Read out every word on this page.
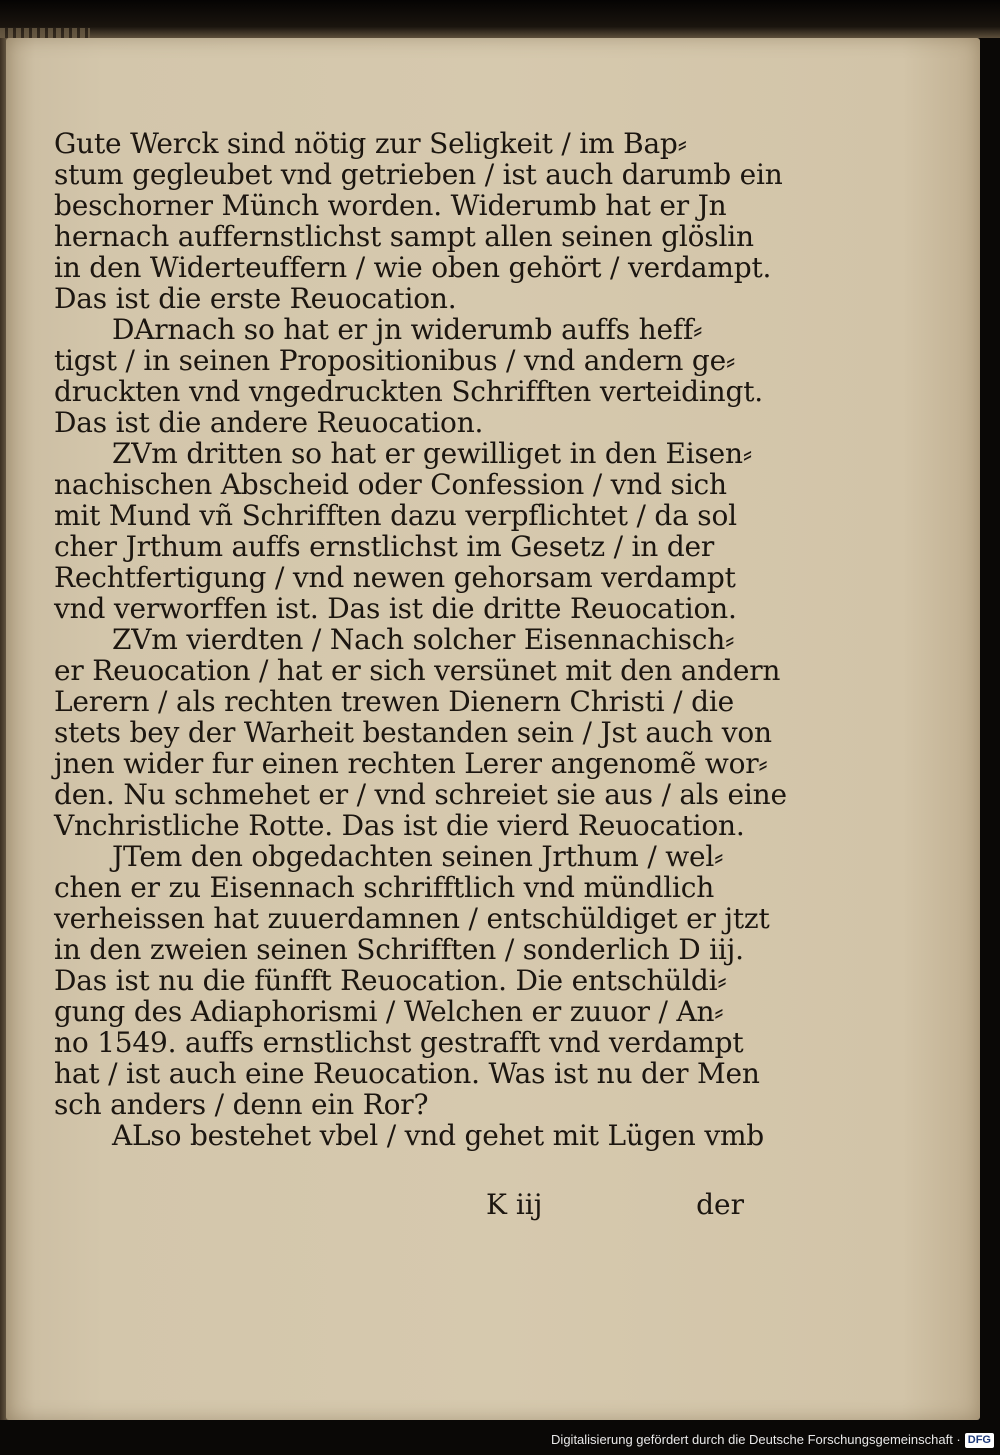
Gute Werck sind nötig zur Seligkeit / im Bap⸗
stum gegleubet vnd getrieben / ist auch darumb ein
beschorner Münch worden. Widerumb hat er Jn
hernach auffernstlichst sampt allen seinen glöslin
in den Widerteuffern / wie oben gehört / verdampt.
Das ist die erste Reuocation.
DArnach so hat er jn widerumb auffs heff⸗
tigst / in seinen Propositionibus / vnd andern ge⸗
druckten vnd vngedruckten Schrifften verteidingt.
Das ist die andere Reuocation.
ZVm dritten so hat er gewilliget in den Eisen⸗
nachischen Abscheid oder Confession / vnd sich
mit Mund vñ Schrifften dazu verpflichtet / da sol
cher Jrthum auffs ernstlichst im Gesetz / in der
Rechtfertigung / vnd newen gehorsam verdampt
vnd verworffen ist. Das ist die dritte Reuocation.
ZVm vierdten / Nach solcher Eisennachisch⸗
er Reuocation / hat er sich versünet mit den andern
Lerern / als rechten trewen Dienern Christi / die
stets bey der Warheit bestanden sein / Jst auch von
jnen wider fur einen rechten Lerer angenomẽ wor⸗
den. Nu schmehet er / vnd schreiet sie aus / als eine
Vnchristliche Rotte. Das ist die vierd Reuocation.
JTem den obgedachten seinen Jrthum / wel⸗
chen er zu Eisennach schrifftlich vnd mündlich
verheissen hat zuuerdamnen / entschüldiget er jtzt
in den zweien seinen Schrifften / sonderlich D iij.
Das ist nu die fünfft Reuocation. Die entschüldi⸗
gung des Adiaphorismi / Welchen er zuuor / An⸗
no 1549. auffs ernstlichst gestrafft vnd verdampt
hat / ist auch eine Reuocation. Was ist nu der Men
sch anders / denn ein Ror?
ALso bestehet vbel / vnd gehet mit Lügen vmb
K iij	der
Digitalisierung gefördert durch die Deutsche Forschungsgemeinschaft · DFG
